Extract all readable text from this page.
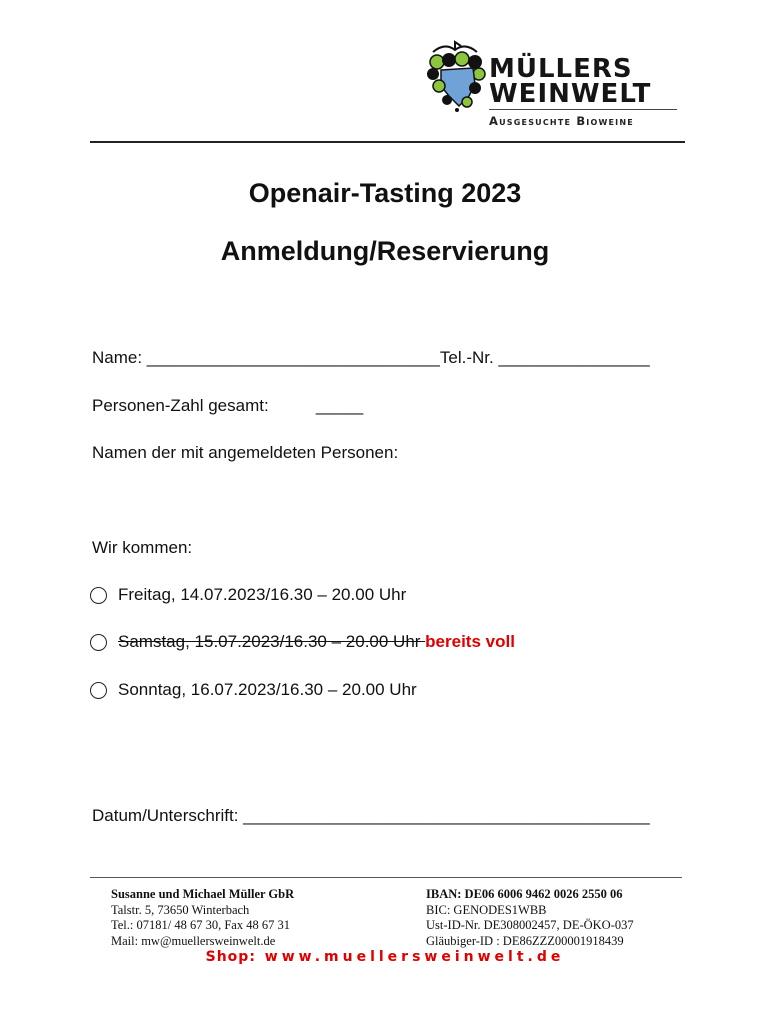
MÜLLERS
WEINWELT
Ausgesuchte Bioweine
Openair-Tasting 2023
Anmeldung/Reservierung
Name: _______________________________Tel.-Nr. ________________
Personen-Zahl gesamt:          _____
Namen der mit angemeldeten Personen:
Wir kommen:
Freitag, 14.07.2023/16.30 – 20.00 Uhr
Samstag, 15.07.2023/16.30 – 20.00 Uhr bereits voll
Sonntag, 16.07.2023/16.30 – 20.00 Uhr
Datum/Unterschrift: ___________________________________________
Susanne und Michael Müller GbR
Talstr. 5, 73650 Winterbach
Tel.: 07181/ 48 67 30, Fax 48 67 31
Mail: mw@muellersweinwelt.de
IBAN: DE06 6006 9462 0026 2550 06
BIC: GENODES1WBB
Ust-ID-Nr. DE308002457, DE-ÖKO-037
Gläubiger-ID : DE86ZZZ00001918439
Shop: www.muellersweinwelt.de
